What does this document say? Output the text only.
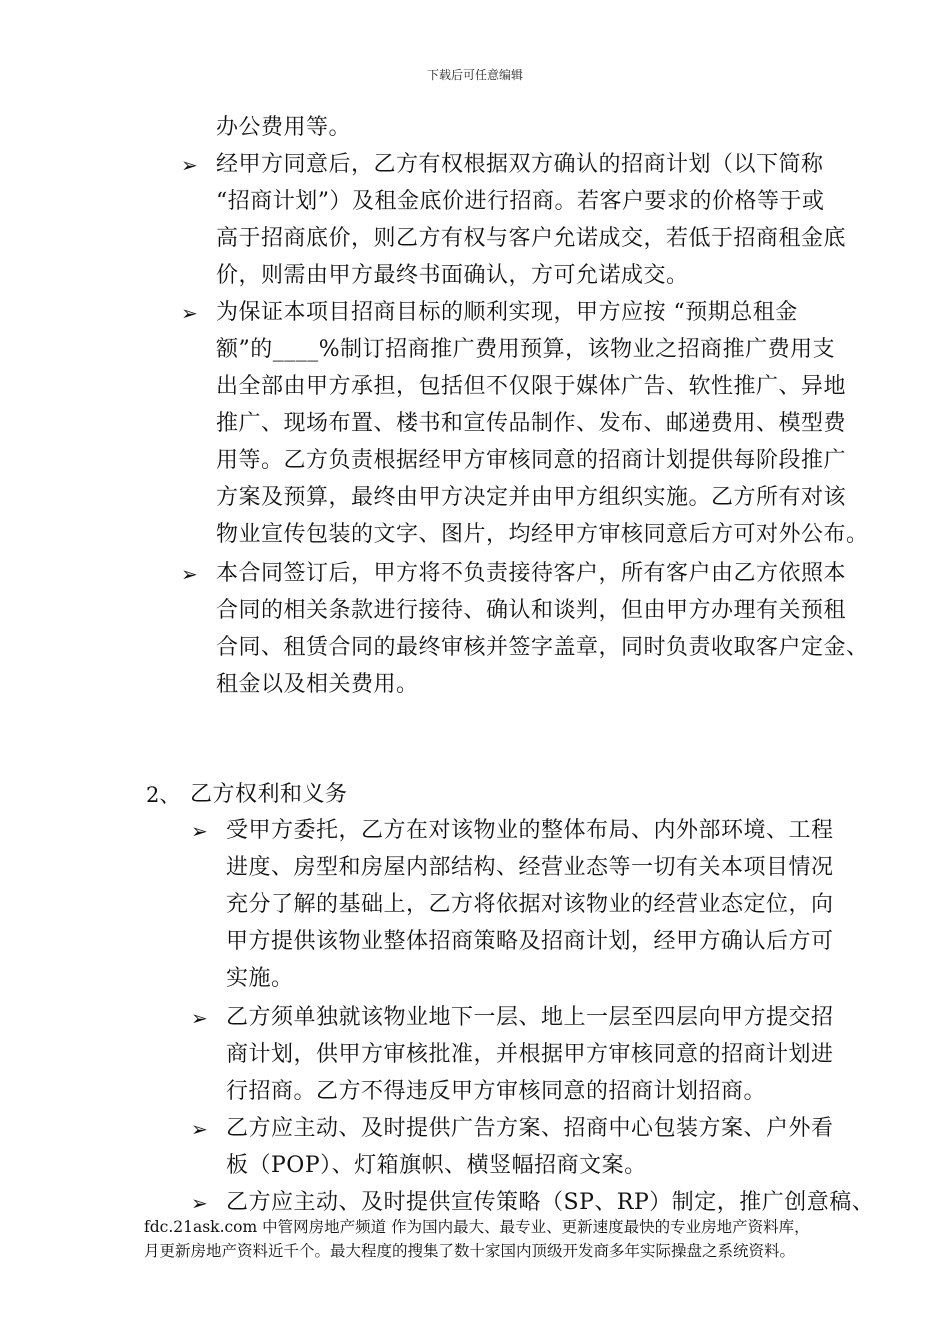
下载后可任意编辑
办公费用等。
➢ 经甲方同意后，乙方有权根据双方确认的招商计划（以下简称
“招商计划”）及租金底价进行招商。若客户要求的价格等于或
高于招商底价，则乙方有权与客户允诺成交，若低于招商租金底
价，则需由甲方最终书面确认，方可允诺成交。
➢ 为保证本项目招商目标的顺利实现，甲方应按 “预期总租金
额”的____%制订招商推广费用预算，该物业之招商推广费用支
出全部由甲方承担，包括但不仅限于媒体广告、软性推广、异地
推广、现场布置、楼书和宣传品制作、发布、邮递费用、模型费
用等。乙方负责根据经甲方审核同意的招商计划提供每阶段推广
方案及预算，最终由甲方决定并由甲方组织实施。乙方所有对该
物业宣传包装的文字、图片，均经甲方审核同意后方可对外公布。
➢ 本合同签订后，甲方将不负责接待客户，所有客户由乙方依照本
合同的相关条款进行接待、确认和谈判，但由甲方办理有关预租
合同、租赁合同的最终审核并签字盖章，同时负责收取客户定金、
租金以及相关费用。
2、 乙方权利和义务
➢ 受甲方委托，乙方在对该物业的整体布局、内外部环境、工程
进度、房型和房屋内部结构、经营业态等一切有关本项目情况
充分了解的基础上，乙方将依据对该物业的经营业态定位，向
甲方提供该物业整体招商策略及招商计划，经甲方确认后方可
实施。
➢ 乙方须单独就该物业地下一层、地上一层至四层向甲方提交招
商计划，供甲方审核批准，并根据甲方审核同意的招商计划进
行招商。乙方不得违反甲方审核同意的招商计划招商。
➢ 乙方应主动、及时提供广告方案、招商中心包装方案、户外看
板（POP）、灯箱旗帜、横竖幅招商文案。
➢ 乙方应主动、及时提供宣传策略（SP、RP）制定，推广创意稿、
fdc.21ask.com 中管网房地产频道 作为国内最大、最专业、更新速度最快的专业房地产资料库，
月更新房地产资料近千个。最大程度的搜集了数十家国内顶级开发商多年实际操盘之系统资料。
